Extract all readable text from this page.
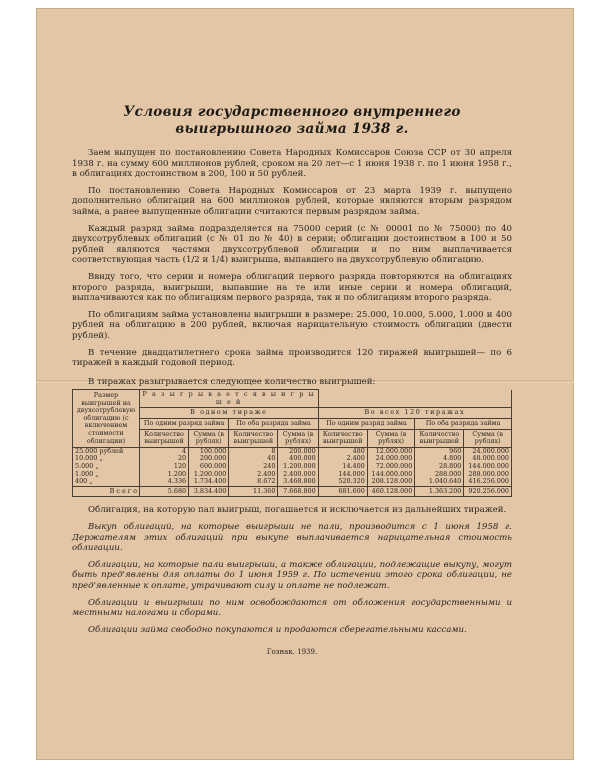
Условия государственного внутреннего выигрышного займа 1938 г.

Заем выпущен по постановлению Совета Народных Комиссаров Союза ССР от 30 апреля 1938 г. на сумму 600 миллионов рублей, сроком на 20 лет—с 1 июня 1938 г. по 1 июня 1958 г., в облигациях достоинством в 200, 100 и 50 рублей.

По постановлению Совета Народных Комиссаров от 23 марта 1939 г. выпущено дополнительно облигаций на 600 миллионов рублей, которые являются вторым разрядом займа, а ранее выпущенные облигации считаются первым разрядом займа.

Каждый разряд займа подразделяется на 75000 серий (с № 00001 по № 75000) по 40 двухсотрублевых облигаций (с № 01 по № 40) в серии; облигации достоинством в 100 и 50 рублей являются частями двухсотрублевой облигации и по ним выплачивается соответствующая часть (1/2 и 1/4) выигрыша, выпавшего на двухсотрублевую облигацию.

Ввиду того, что серии и номера облигаций первого разряда повторяются на облигациях второго разряда, выигрыши, выпавшие на те или иные серии и номера облигаций, выплачиваются как по облигациям первого разряда, так и по облигациям второго разряда.

По облигациям займа установлены выигрыши в размере: 25.000, 10.000, 5.000, 1.000 и 400 рублей на облигацию в 200 рублей, включая нарицательную стоимость облигации (двести рублей).

В течение двадцатилетнего срока займа производится 120 тиражей выигрышей— по 6 тиражей в каждый годовой период.

В тиражах разыгрывается следующее количество выигрышей:
Размер выигрышей на двухсотрублевую облигацию (с включением стоимости облигации)	Р а з ы г р ы в а е т с я в ы и г р ы ш е й							
	В одном тираже				Во всех 120 тиражах			
	По одним разряд займа		По оба разряда займа		По одним разряд займа		По оба разряда займа	
	Количество выигрышей	Сумма (в рублях)	Количество выигрышей	Сумма (в рублях)	Количество выигрышей	Сумма (в рублях)	Количество выигрышей	Сумма (в рублях)
25.000 рублей	4	100.000	8	200.000	480	12.000.000	960	24.000.000
10.000 „	20	200.000	40	400.000	2.400	24.000.000	4.800	48.000.000
5.000 „	120	600.000	240	1.200.000	14.400	72.000.000	28.800	144.000.000
1.000 „	1.200	1.200.000	2.400	2.400.000	144.000	144.000.000	288.000	288.000.000
400 „	4.336	1.734.400	8.672	3.468.800	520.320	208.128.000	1.040.640	416.256.000
В с е г о	5.680	3.834.400	11.360	7.668.800	681.600	460.128.000	1.363.200	920.256.000

Облигация, на которую пал выигрыш, погашается и исключается из дальнейших тиражей.

Выкуп облигаций, на которые выигрыши не пали, производится с 1 июня 1958 г. Держателям этих облигаций при выкупе выплачивается нарицательная стоимость облигации.

Облигации, на которые пали выигрыши, а также облигации, подлежащие выкупу, могут быть пред'явлены для оплаты до 1 июня 1959 г. По истечении этого срока облигации, не пред'явленные к оплате, утрачивают силу и оплате не подлежат.

Облигации и выигрыши по ним освобождаются от обложения государственными и местными налогами и сборами.

Облигации займа свободно покупаются и продаются сберегательными кассами.

Гознак. 1939.
